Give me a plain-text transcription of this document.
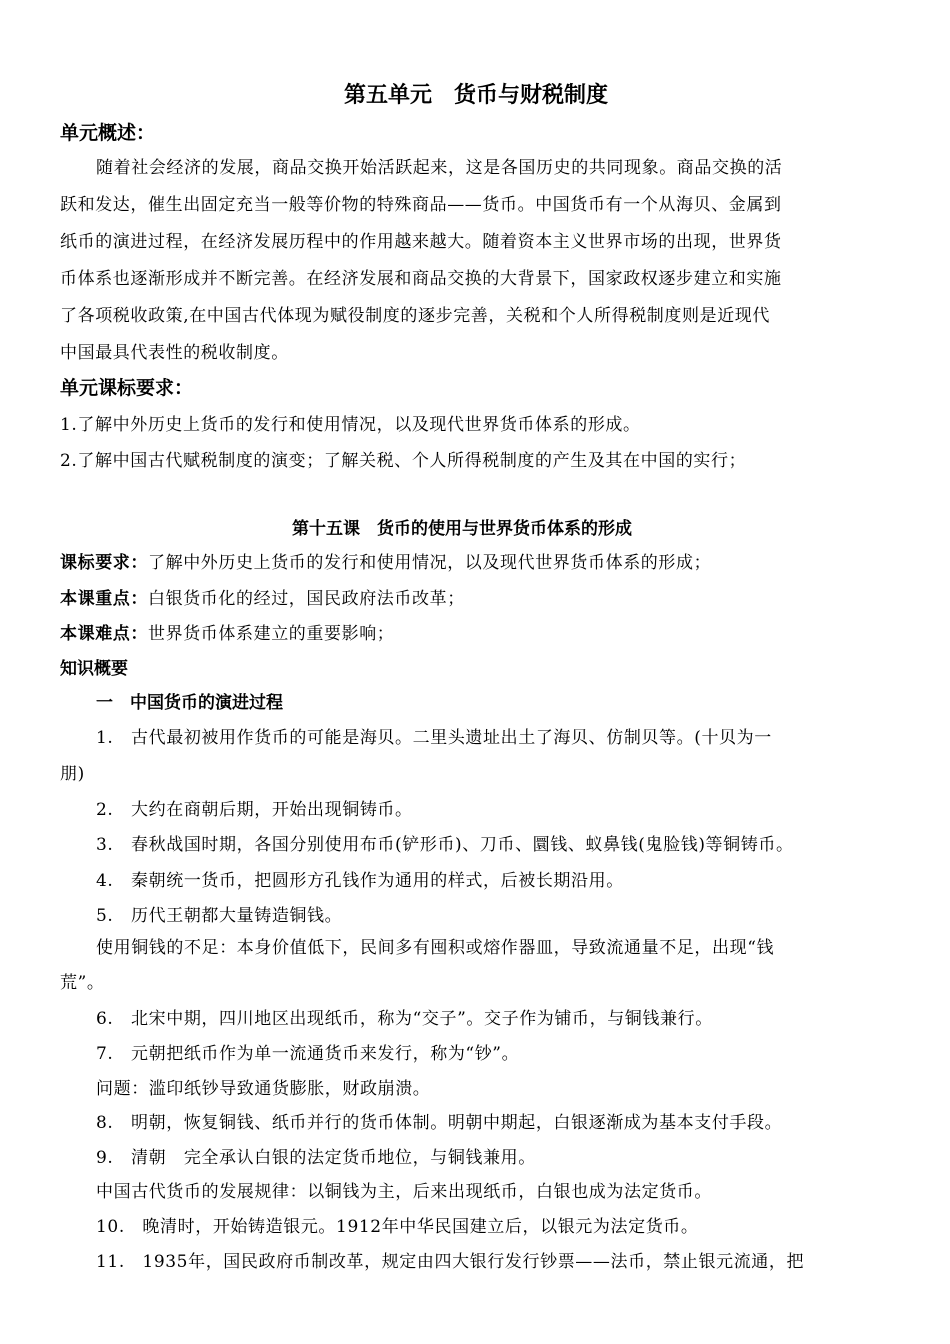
第五单元　货币与财税制度
单元概述：
随着社会经济的发展，商品交换开始活跃起来，这是各国历史的共同现象。商品交换的活
跃和发达，催生出固定充当一般等价物的特殊商品——货币。中国货币有一个从海贝、金属到
纸币的演进过程，在经济发展历程中的作用越来越大。随着资本主义世界市场的出现，世界货
币体系也逐渐形成并不断完善。在经济发展和商品交换的大背景下，国家政权逐步建立和实施
了各项税收政策,在中国古代体现为赋役制度的逐步完善，关税和个人所得税制度则是近现代
中国最具代表性的税收制度。
单元课标要求：
1.了解中外历史上货币的发行和使用情况，以及现代世界货币体系的形成。
2.了解中国古代赋税制度的演变；了解关税、个人所得税制度的产生及其在中国的实行；
第十五课　货币的使用与世界货币体系的形成
课标要求：了解中外历史上货币的发行和使用情况，以及现代世界货币体系的形成；
本课重点：白银货币化的经过，国民政府法币改革；
本课难点：世界货币体系建立的重要影响；
知识概要
一　中国货币的演进过程
1.　古代最初被用作货币的可能是海贝。二里头遗址出土了海贝、仿制贝等。(十贝为一
朋)
2.　大约在商朝后期，开始出现铜铸币。
3.　春秋战国时期，各国分别使用布币(铲形币)、刀币、圜钱、蚁鼻钱(鬼脸钱)等铜铸币。
4.　秦朝统一货币，把圆形方孔钱作为通用的样式，后被长期沿用。
5.　历代王朝都大量铸造铜钱。
使用铜钱的不足：本身价值低下，民间多有囤积或熔作器皿，导致流通量不足，出现“钱
荒”。
6.　北宋中期，四川地区出现纸币，称为“交子”。交子作为铺币，与铜钱兼行。
7.　元朝把纸币作为单一流通货币来发行，称为“钞”。
问题：滥印纸钞导致通货膨胀，财政崩溃。
8.　明朝，恢复铜钱、纸币并行的货币体制。明朝中期起，白银逐渐成为基本支付手段。
9.　清朝　完全承认白银的法定货币地位，与铜钱兼用。
中国古代货币的发展规律：以铜钱为主，后来出现纸币，白银也成为法定货币。
10.　晚清时，开始铸造银元。1912年中华民国建立后，以银元为法定货币。
11.　1935年，国民政府币制改革，规定由四大银行发行钞票——法币，禁止银元流通，把
